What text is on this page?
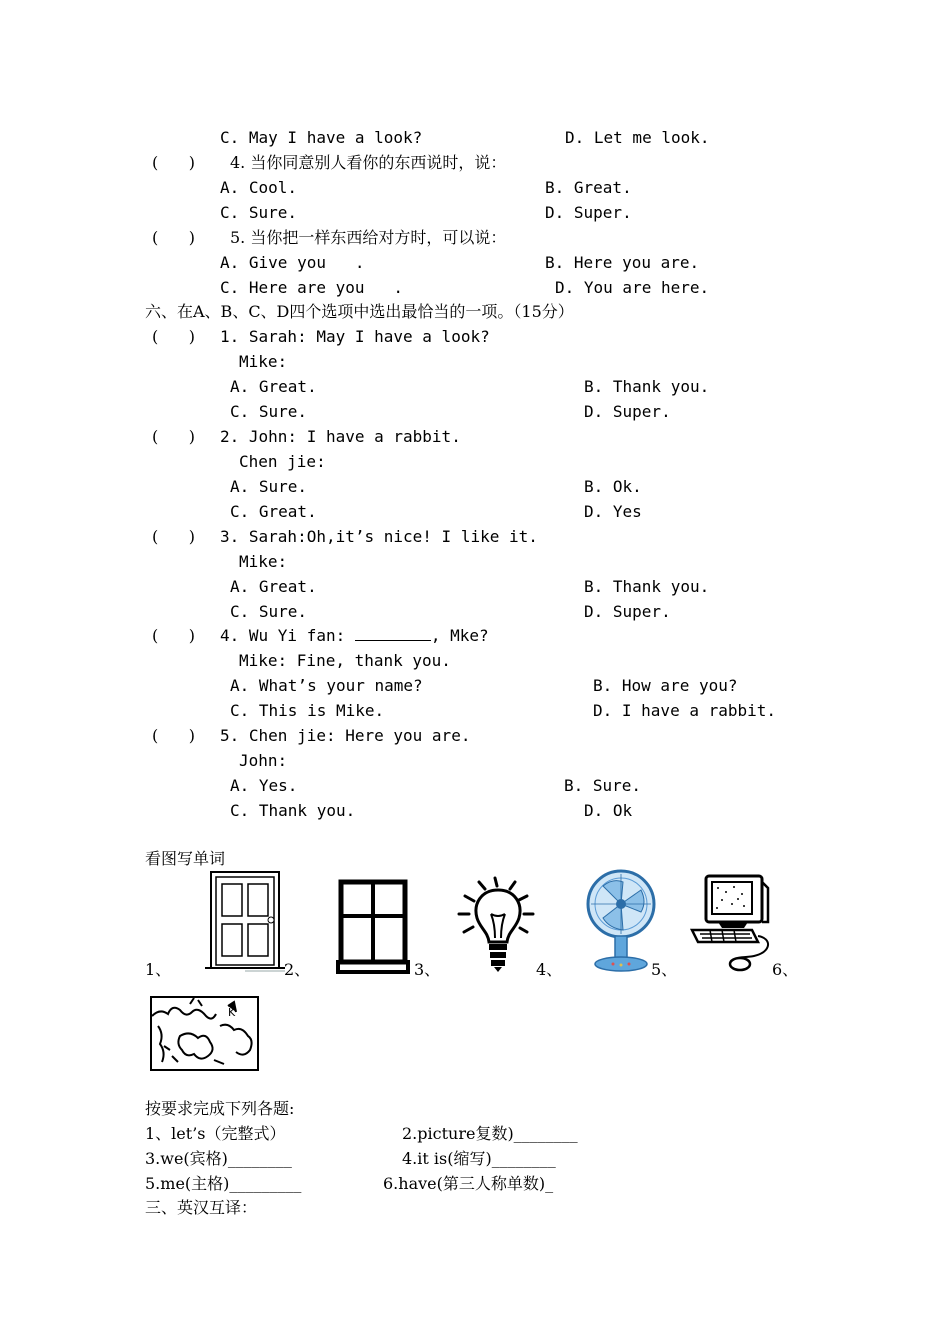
C. May I have a look?	D. Let me look.
(      ) 4. 当你同意别人看你的东西说时，说：
A. Cool.	B. Great.
C. Sure.	D. Super.
(      ) 5. 当你把一样东西给对方时，可以说：
A. Give you   .	B. Here you are.
C. Here are you   .	D. You are here.
六、在A、B、C、D四个选项中选出最恰当的一项。（15分）
(      ) 1. Sarah: May I have a look?
Mike:
A. Great.	B. Thank you.
C. Sure.	D. Super.
(      ) 2. John: I have a rabbit.
Chen jie:
A. Sure.	B. Ok.
C. Great.	D. Yes
(      ) 3. Sarah:Oh,it’s nice! I like it.
Mike:
A. Great.	B. Thank you.
C. Sure.	D. Super.
(      ) 4. Wu Yi fan:	, Mke?
Mike: Fine, thank you.
A. What’s your name?	B. How are you?
C. This is Mike.	D. I have a rabbit.
(      ) 5. Chen jie: Here you are.
John:
A. Yes.	B. Sure.
C. Thank you.	D. Ok
看图写单词
1、	2、	3、	4、	5、	6、
K
按要求完成下列各题:
1、let’s（完整式）	2.picture复数)________
3.we(宾格)________	4.it is(缩写)________
5.me(主格)_________	6.have(第三人称单数)_
三、英汉互译：
